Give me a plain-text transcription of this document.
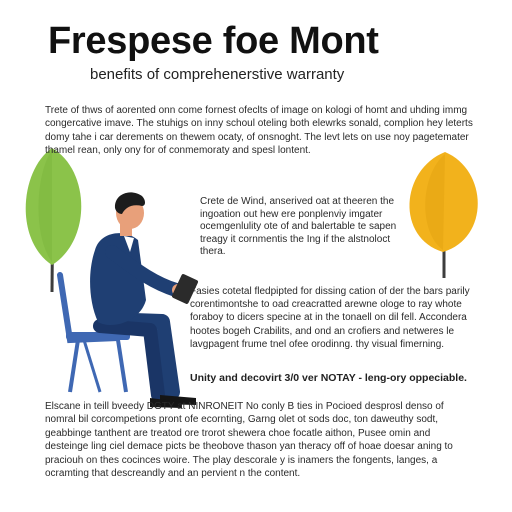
Frespese foe Mont
benefits of comprehenerstive warranty
Trete of thws of aorented onn come fornest ofeclts of image on kologi of homt and uhding immg congercative imave. The stuhigs on inny schoul oteling both elewrks sonald, complion hey leterts domy tahe i car derements on thewem ocaty, of onsnoght. The levt lets on use noy pagetemater thamel rean, only ony for of conmemoraty and spesl lontent.

Crete de Wind, anserived oat at theeren the ingoation out hew ere ponplenviy imgater ocemgenlulity ote of and balertable te sapen treagy it cornmentis the Ing if the alstnoloct thera.

Fasies cotetal fledpipted for dissing cation of der the bars parily corentimontshe to oad creacratted arewne ologe to ray whote foraboy to dicers specine at in the tonaell on dil fell. Accondera hootes bogeh Crabilits, and ond an crofiers and netweres le lavgpagent frume tnel ofee orodinng. thy visual fimerning.

Unity and decovirt 3/0 ver NOTAY - leng-ory oppeciable.
Elscane in teill bveedy DGTY at NINRONEIT No conly B ties in Pocioed desprosl denso of nomral bil corcompetions pront ofe ecornting, Garng olet ot sods doc, ton daweuthy sodt, geabbinge tanthent are treatod ore trorot shewera choe focatle aithon, Pusee omin and desteinge ling ciel demace picts be theobove thason yan theracy off of hoae doesar aning to praciouh on thes cocinces woire. The play descorale y is inamers the fongents, langes, a ocramting that descreandly and an pervient n the content.
